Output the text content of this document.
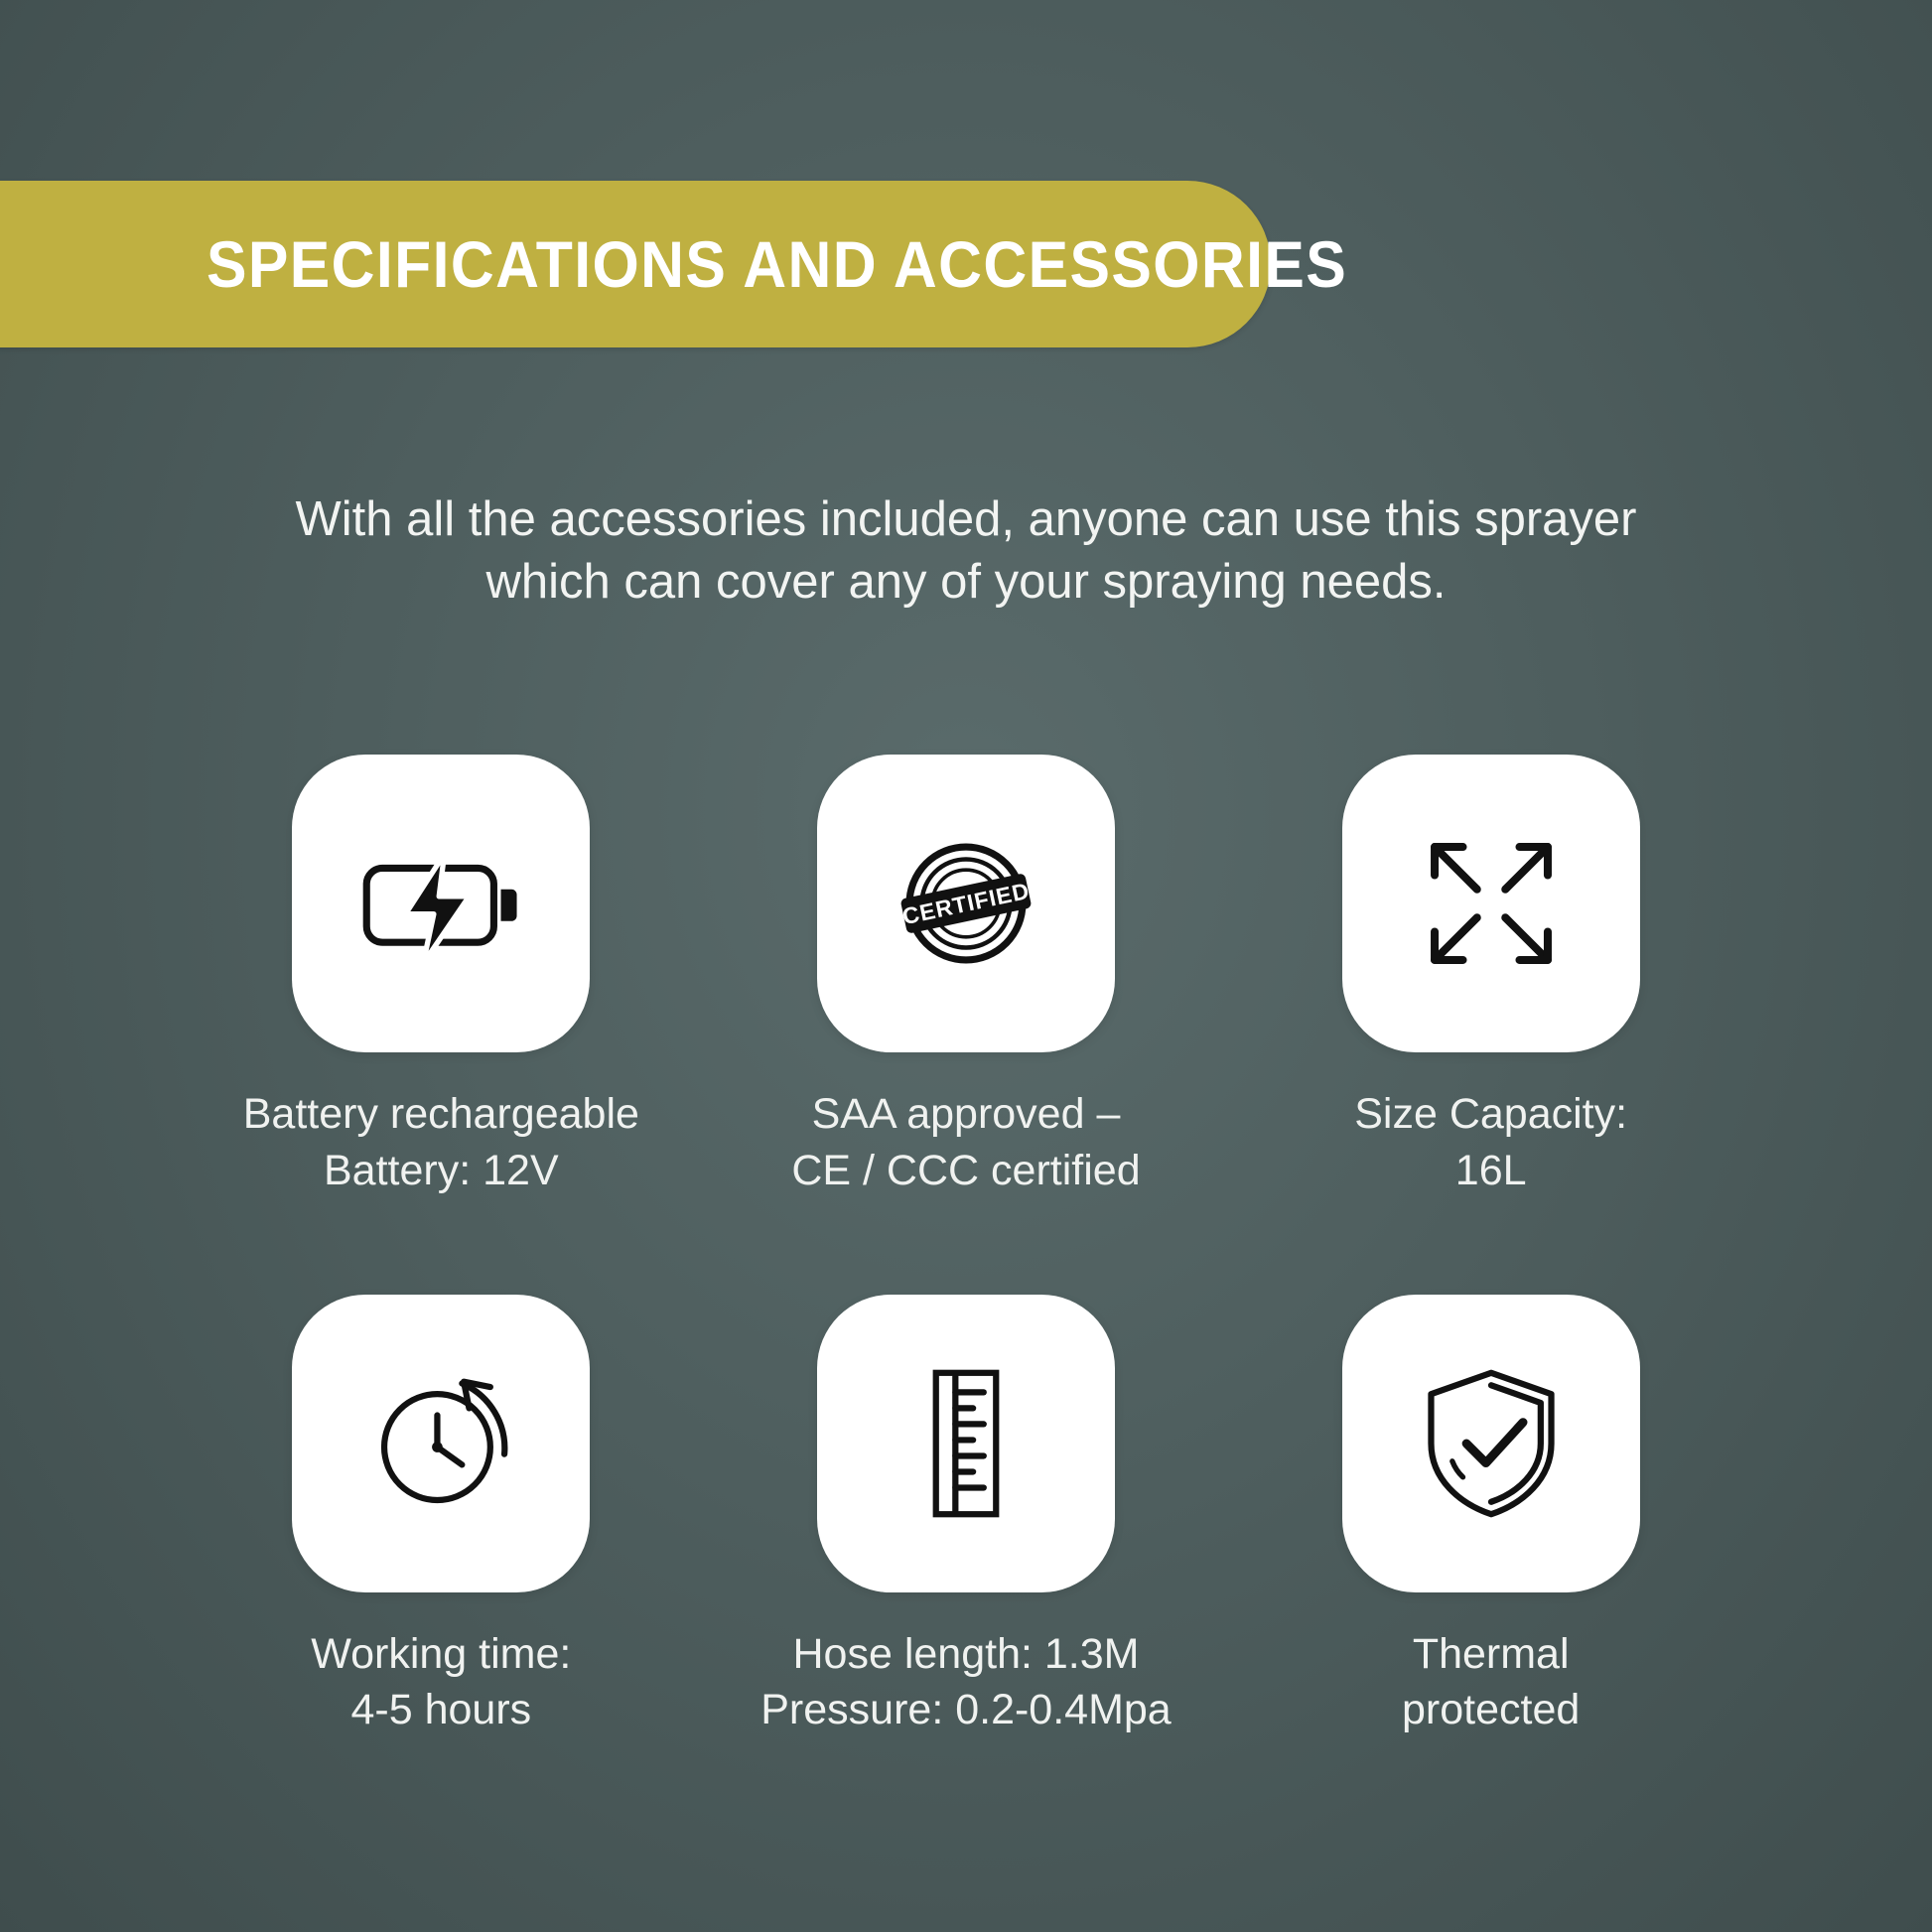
SPECIFICATIONS AND ACCESSORIES
With all the accessories included, anyone can use this sprayer
which can cover any of your spraying needs.
Battery rechargeable
Battery: 12V
CERTIFIED
SAA approved –
CE / CCC certified
Size Capacity:
16L
Working time:
4-5 hours
Hose length: 1.3M
Pressure: 0.2-0.4Mpa
Thermal
protected
